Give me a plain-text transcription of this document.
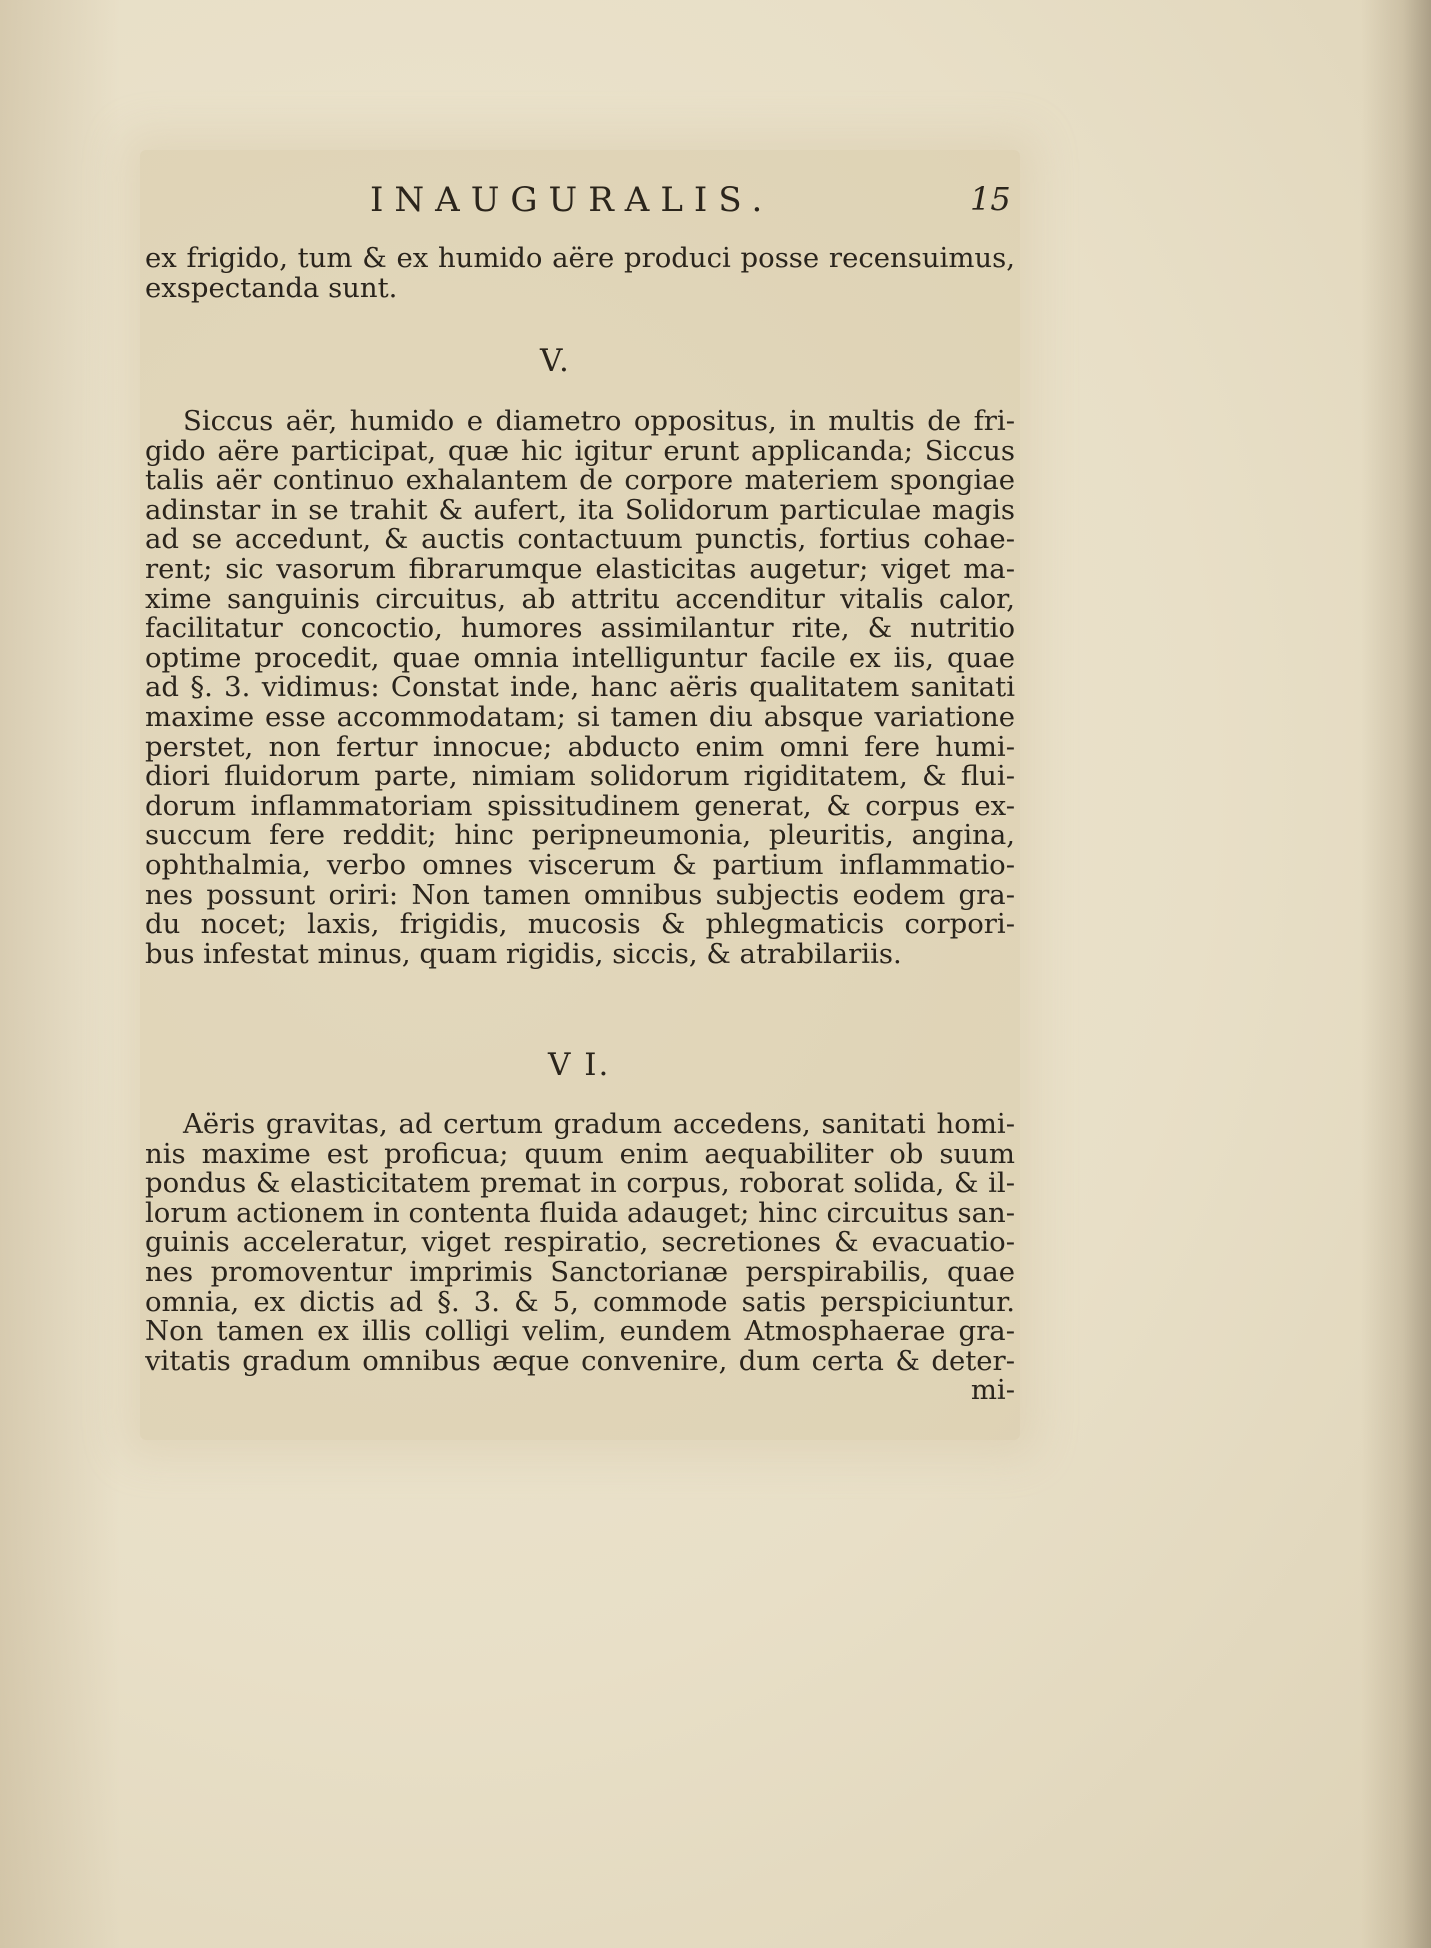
INAUGURALIS.	15
ex frigido, tum & ex humido aëre produci posse recensuimus,
exspectanda sunt.
V.
Siccus aër, humido e diametro oppositus, in multis de fri-
gido aëre participat, quæ hic igitur erunt applicanda; Siccus
talis aër continuo exhalantem de corpore materiem spongiae
adinstar in se trahit & aufert, ita Solidorum particulae magis
ad se accedunt, & auctis contactuum punctis, fortius cohae-
rent; sic vasorum fibrarumque elasticitas augetur; viget ma-
xime sanguinis circuitus, ab attritu accenditur vitalis calor,
facilitatur concoctio, humores assimilantur rite, & nutritio
optime procedit, quae omnia intelliguntur facile ex iis, quae
ad §. 3. vidimus: Constat inde, hanc aëris qualitatem sanitati
maxime esse accommodatam; si tamen diu absque variatione
perstet, non fertur innocue; abducto enim omni fere humi-
diori fluidorum parte, nimiam solidorum rigiditatem, & flui-
dorum inflammatoriam spissitudinem generat, & corpus ex-
succum fere reddit; hinc peripneumonia, pleuritis, angina,
ophthalmia, verbo omnes viscerum & partium inflammatio-
nes possunt oriri: Non tamen omnibus subjectis eodem gra-
du nocet; laxis, frigidis, mucosis & phlegmaticis corpori-
bus infestat minus, quam rigidis, siccis, & atrabilariis.
V I.
Aëris gravitas, ad certum gradum accedens, sanitati homi-
nis maxime est proficua; quum enim aequabiliter ob suum
pondus & elasticitatem premat in corpus, roborat solida, & il-
lorum actionem in contenta fluida adauget; hinc circuitus san-
guinis acceleratur, viget respiratio, secretiones & evacuatio-
nes promoventur imprimis Sanctorianæ perspirabilis, quae
omnia, ex dictis ad §. 3. & 5, commode satis perspiciuntur.
Non tamen ex illis colligi velim, eundem Atmosphaerae gra-
vitatis gradum omnibus æque convenire, dum certa & deter-
mi-
